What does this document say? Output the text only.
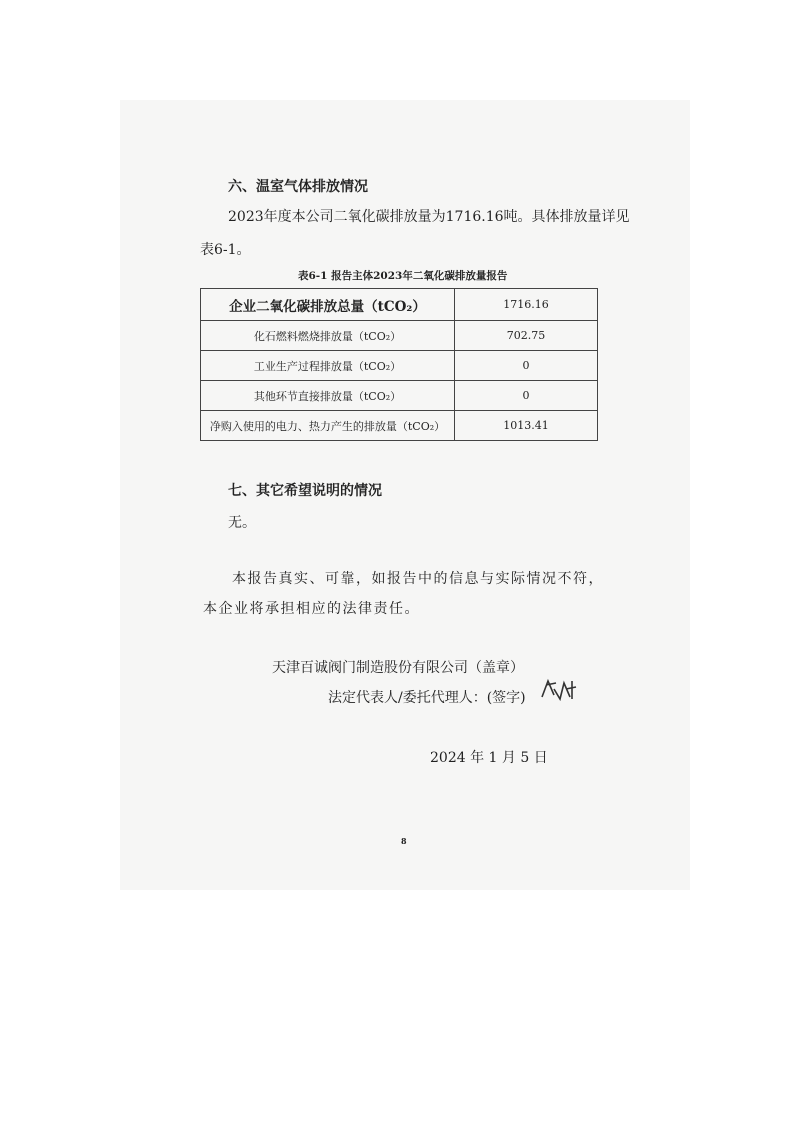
六、温室气体排放情况
2023年度本公司二氧化碳排放量为1716.16吨。具体排放量详见
表6-1。
表6-1 报告主体2023年二氧化碳排放量报告
企业二氧化碳排放总量（tCO₂）	1716.16
化石燃料燃烧排放量（tCO₂）	702.75
工业生产过程排放量（tCO₂）	0
其他环节直接排放量（tCO₂）	0
净购入使用的电力、热力产生的排放量（tCO₂）	1013.41
七、其它希望说明的情况
无。
本报告真实、可靠，如报告中的信息与实际情况不符，
本企业将承担相应的法律责任。
天津百诚阀门制造股份有限公司（盖章）
法定代表人/委托代理人：(签字)
2024 年 1 月 5 日
8
